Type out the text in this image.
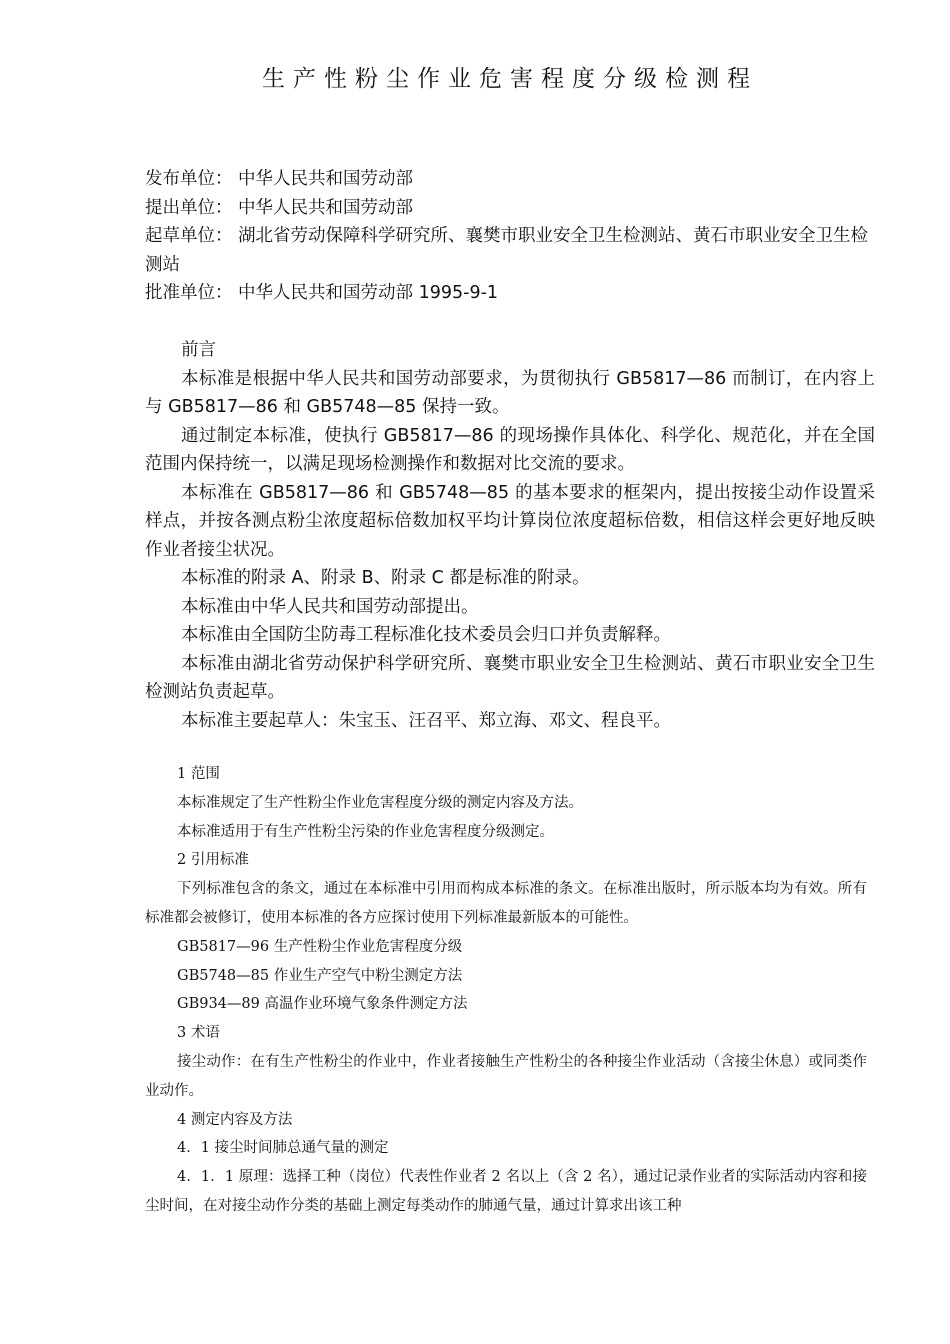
生产性粉尘作业危害程度分级检测程
发布单位： 中华人民共和国劳动部
提出单位： 中华人民共和国劳动部
起草单位： 湖北省劳动保障科学研究所、襄樊市职业安全卫生检测站、黄石市职业安全卫生检测站
批准单位： 中华人民共和国劳动部 1995-9-1

前言

本标准是根据中华人民共和国劳动部要求，为贯彻执行 GB5817—86 而制订，在内容上与 GB5817—86 和 GB5748—85 保持一致。

通过制定本标准，使执行 GB5817—86 的现场操作具体化、科学化、规范化，并在全国范围内保持统一，以满足现场检测操作和数据对比交流的要求。

本标准在 GB5817—86 和 GB5748—85 的基本要求的框架内，提出按接尘动作设置采样点，并按各测点粉尘浓度超标倍数加权平均计算岗位浓度超标倍数，相信这样会更好地反映作业者接尘状况。

本标准的附录 A、附录 B、附录 C 都是标准的附录。

本标准由中华人民共和国劳动部提出。

本标准由全国防尘防毒工程标准化技术委员会归口并负责解释。

本标准由湖北省劳动保护科学研究所、襄樊市职业安全卫生检测站、黄石市职业安全卫生检测站负责起草。

本标准主要起草人：朱宝玉、汪召平、郑立海、邓文、程良平。

1 范围

本标准规定了生产性粉尘作业危害程度分级的测定内容及方法。

本标准适用于有生产性粉尘污染的作业危害程度分级测定。

2 引用标准

下列标准包含的条文，通过在本标准中引用而构成本标准的条文。在标准出版时，所示版本均为有效。所有标准都会被修订，使用本标准的各方应探讨使用下列标准最新版本的可能性。

GB5817—96 生产性粉尘作业危害程度分级

GB5748—85 作业生产空气中粉尘测定方法

GB934—89 高温作业环境气象条件测定方法

3 术语

接尘动作：在有生产性粉尘的作业中，作业者接触生产性粉尘的各种接尘作业活动（含接尘休息）或同类作业动作。

4 测定内容及方法

4．1 接尘时间肺总通气量的测定

4．1．1 原理：选择工种（岗位）代表性作业者 2 名以上（含 2 名），通过记录作业者的实际活动内容和接尘时间，在对接尘动作分类的基础上测定每类动作的肺通气量，通过计算求出该工种
